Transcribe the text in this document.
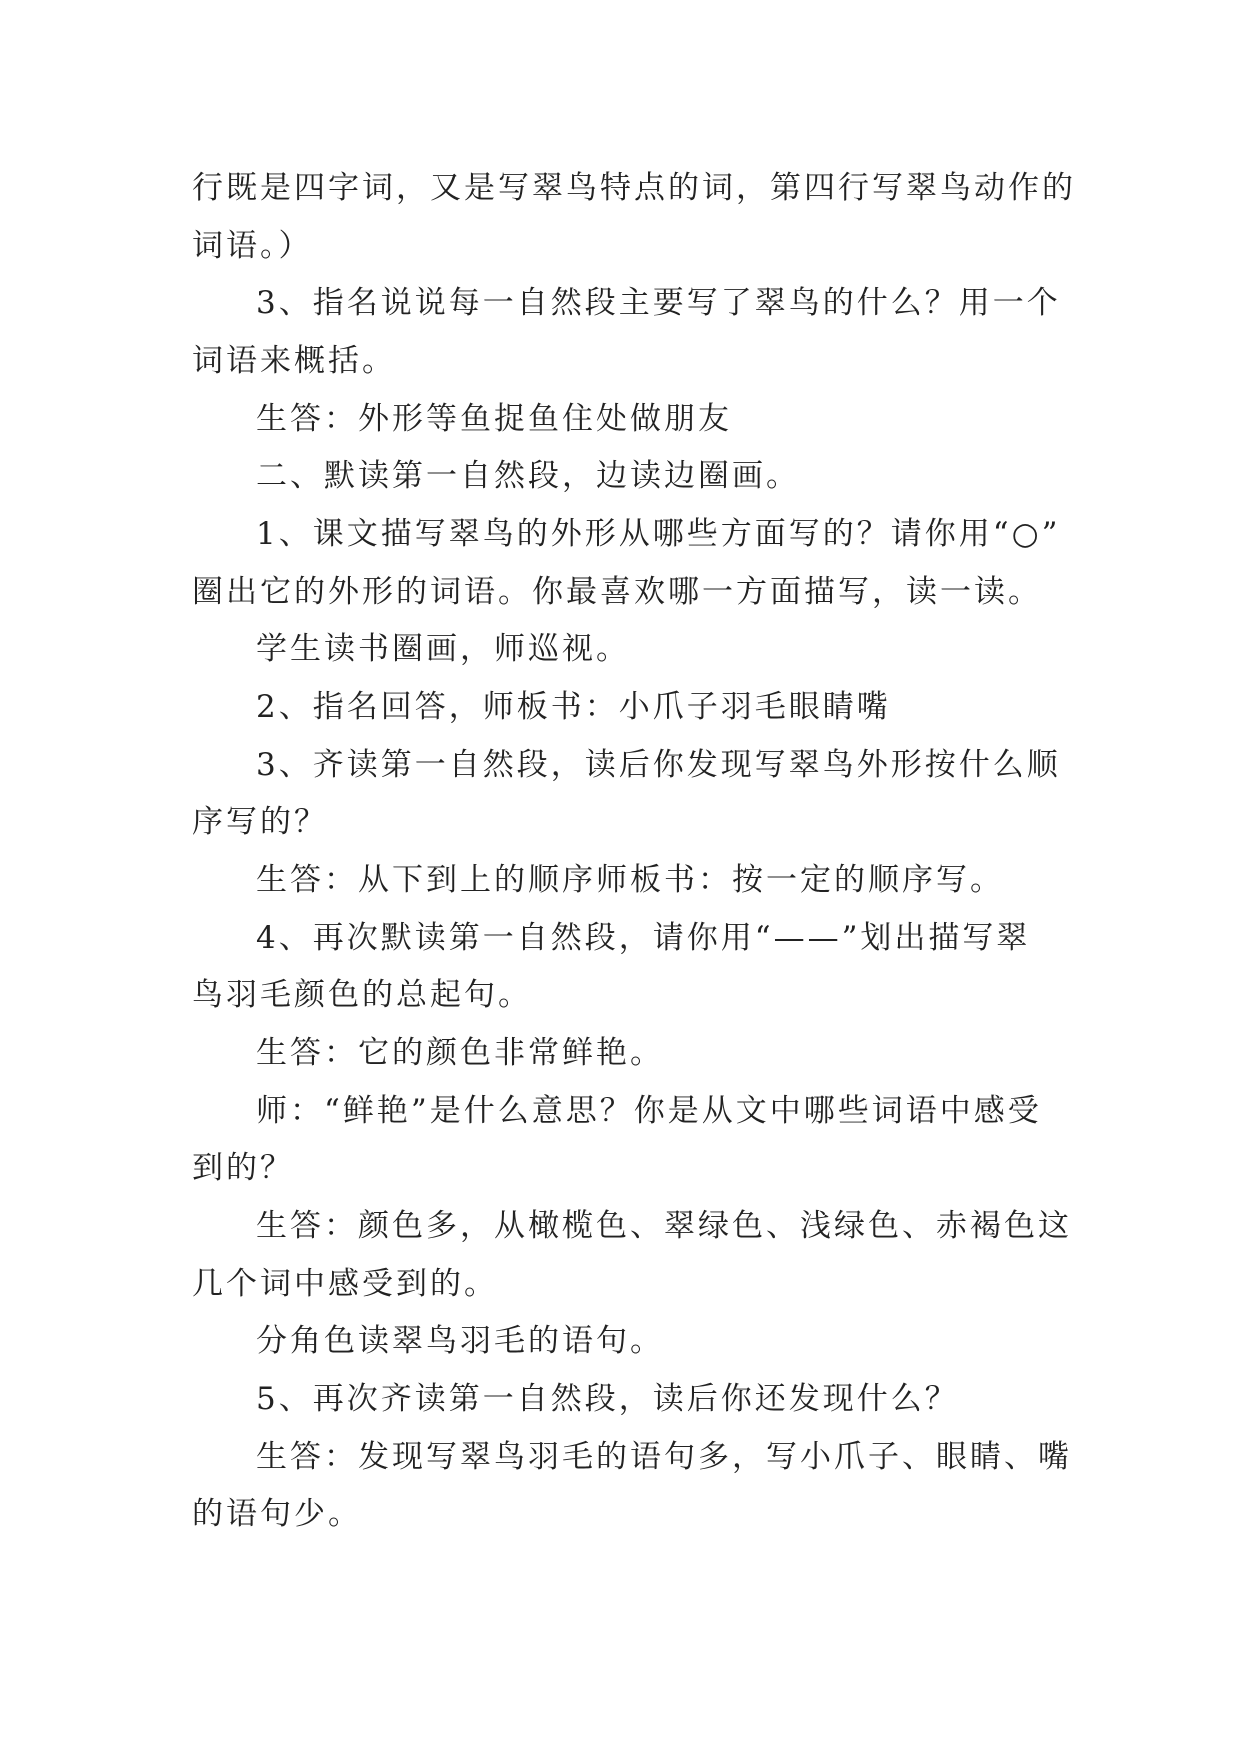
行既是四字词，又是写翠鸟特点的词，第四行写翠鸟动作的
词语。）
3、指名说说每一自然段主要写了翠鸟的什么？用一个
词语来概括。
生答：外形等鱼捉鱼住处做朋友
二、默读第一自然段，边读边圈画。
1、课文描写翠鸟的外形从哪些方面写的？请你用“○”
圈出它的外形的词语。你最喜欢哪一方面描写，读一读。
学生读书圈画，师巡视。
2、指名回答，师板书：小爪子羽毛眼睛嘴
3、齐读第一自然段，读后你发现写翠鸟外形按什么顺
序写的？
生答：从下到上的顺序师板书：按一定的顺序写。
4、再次默读第一自然段，请你用“——”划出描写翠
鸟羽毛颜色的总起句。
生答：它的颜色非常鲜艳。
师：“鲜艳”是什么意思？你是从文中哪些词语中感受
到的？
生答：颜色多，从橄榄色、翠绿色、浅绿色、赤褐色这
几个词中感受到的。
分角色读翠鸟羽毛的语句。
5、再次齐读第一自然段，读后你还发现什么？
生答：发现写翠鸟羽毛的语句多，写小爪子、眼睛、嘴
的语句少。
